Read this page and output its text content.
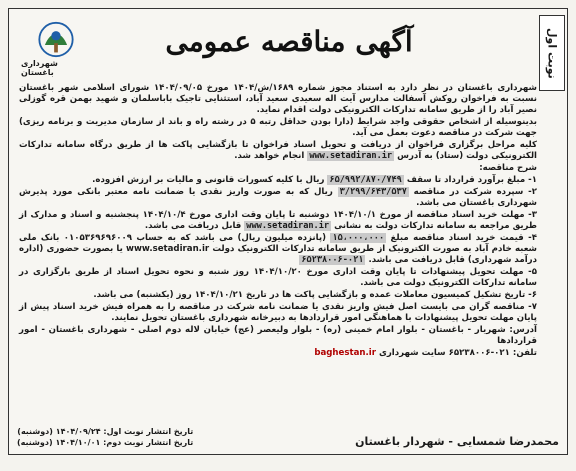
نوبت اول
شهرداری باغستان
آگهی مناقصه عمومی

شهرداری باغستان در نظر دارد به استناد مجوز شماره ۱۶۸۹/ش/۱۴۰۴ مورخ ۱۴۰۴/۰۹/۰۵ شورای اسلامی شهر باغستان نسبت به فراخوان روکش آسفالت مدارس آیت اله سعیدی سعید آباد، استثنایی تاجیک باباسلمان و شهید بهمن قره گوزلی نصیر آباد را از طریق سامانه تدارکات الکترونیکی دولت اقدام نماید.

بدینوسیله از اشخاص حقوقی واجد شرایط (دارا بودن حداقل رتبه ۵ در رشته راه و باند از سازمان مدیریت و برنامه ریزی) جهت شرکت در مناقصه دعوت بعمل می آید.

کلیه مراحل برگزاری فراخوان از دریافت و تحویل اسناد فراخوان تا بازگشایی پاکت ها از طریق درگاه سامانه تدارکات الکترونیکی دولت (ستاد) به آدرس www.setadiran.ir انجام خواهد شد.

شرح مناقصه:

۱- مبلغ برآورد قرارداد تا سقف ۶۵/۹۹۲/۸۷۰/۷۴۹ ریال با کلیه کسورات قانونی و مالیات بر ارزش افزوده.

۲- سپرده شرکت در مناقصه ۳/۲۹۹/۶۴۳/۵۳۷ ریال که به صورت واریز نقدی یا ضمانت نامه معتبر بانکی مورد پذیرش شهرداری باغستان می باشد.

۳- مهلت خرید اسناد مناقصه از مورخ ۱۴۰۴/۱۰/۱ دوشنبه تا پایان وقت اداری مورخ ۱۴۰۴/۱۰/۴ پنجشنبه و اسناد و مدارک از طریق مراجعه به سامانه تدارکات دولت به نشانی www.setadiran.ir قابل دریافت می باشد.

۴- قیمت خرید اسناد مناقصه مبلغ ۱۵،۰۰۰،۰۰۰ (پانزده میلیون ریال) می باشد که به حساب ۰۱۰۵۳۶۹۶۹۶۰۰۹ بانک ملی شعبه خادم آباد به صورت الکترونیک از طریق سامانه تدارکات الکترونیک دولت www.setadiran.ir یا بصورت حضوری (اداره درآمد شهرداری) قابل دریافت می باشد. ۰۲۱-۶۵۲۳۸۰۰۶

۵- مهلت تحویل پیشنهادات تا پایان وقت اداری مورخ ۱۴۰۴/۱۰/۲۰ روز شنبه و نحوه تحویل اسناد از طریق بارگزاری در سامانه تدارکات الکترونیک دولت می باشد.

۶- تاریخ تشکیل کمیسیون معاملات عمده و بازگشایی پاکت ها در تاریخ ۱۴۰۴/۱۰/۲۱ روز (یکشنبه) می باشد.

۷- مناقصه گران می بایست اصل فیش واریز نقدی یا ضمانت نامه شرکت در مناقصه را به همراه فیش خرید اسناد پیش از پایان مهلت تحویل پیشنهادات با هماهنگی امور قراردادها به دبیرخانه شهرداری باغستان تحویل نمایند.

آدرس: شهریار - باغستان - بلوار امام خمینی (ره) - بلوار ولیعصر (عج) خیابان لاله دوم اصلی - شهرداری باغستان - امور قراردادها

تلفن: ۰۲۱-۶۵۲۳۸۰۰۶ سایت شهرداری baghestan.ir

تاریخ انتشار نوبت اول: ۱۴۰۴/۰۹/۲۴ (دوشنبه)
تاریخ انتشار نوبت دوم: ۱۴۰۴/۱۰/۰۱ (دوشنبه)	محمدرضا شمسایی - شهردار باغستان
